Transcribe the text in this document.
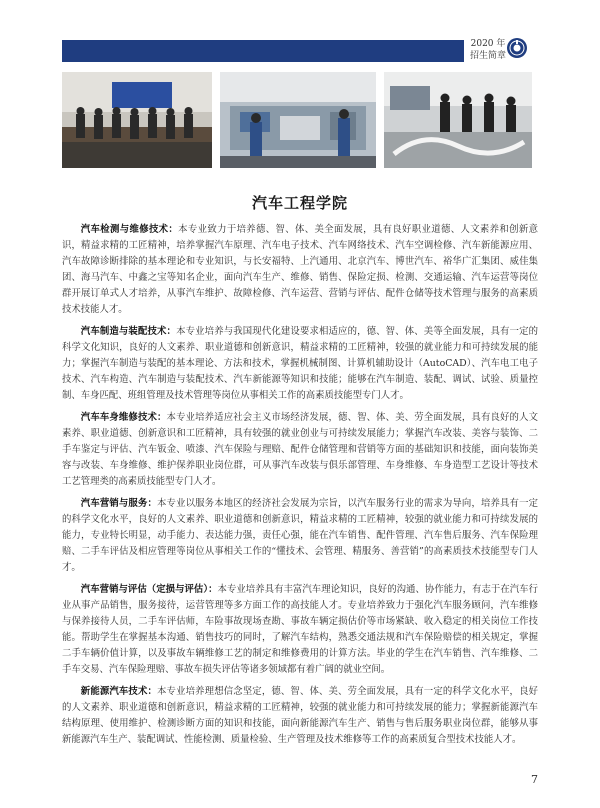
2020 年
招生简章
汽车工程学院

汽车检测与维修技术：本专业致力于培养德、智、体、美全面发展，具有良好职业道德、人文素养和创新意识，精益求精的工匠精神，培养掌握汽车原理、汽车电子技术、汽车网络技术、汽车空调检修、汽车新能源应用、汽车故障诊断排除的基本理论和专业知识，与长安福特、上汽通用、北京汽车、博世汽车、裕华广汇集团、威佳集团、海马汽车、中鑫之宝等知名企业，面向汽车生产、维修、销售、保险定损、检测、交通运输、汽车运营等岗位群开展订单式人才培养，从事汽车维护、故障检修、汽车运营、营销与评估、配件仓储等技术管理与服务的高素质技术技能人才。

汽车制造与装配技术：本专业培养与我国现代化建设要求相适应的，德、智、体、美等全面发展，具有一定的科学文化知识，良好的人文素养、职业道德和创新意识，精益求精的工匠精神，较强的就业能力和可持续发展的能力；掌握汽车制造与装配的基本理论、方法和技术，掌握机械制图、计算机辅助设计（AutoCAD）、汽车电工电子技术、汽车构造、汽车制造与装配技术、汽车新能源等知识和技能；能够在汽车制造、装配、调试、试验、质量控制、车身匹配、班组管理及技术管理等岗位从事相关工作的高素质技能型专门人才。

汽车车身维修技术：本专业培养适应社会主义市场经济发展，德、智、体、美、劳全面发展，具有良好的人文素养、职业道德、创新意识和工匠精神，具有较强的就业创业与可持续发展能力；掌握汽车改装、美容与装饰、二手车鉴定与评估、汽车钣金、喷漆、汽车保险与理赔、配件仓储管理和营销等方面的基础知识和技能，面向装饰美容与改装、车身维修、维护保养职业岗位群，可从事汽车改装与俱乐部管理、车身维修、车身造型工艺设计等技术工艺管理类的高素质技能型专门人才。

汽车营销与服务：本专业以服务本地区的经济社会发展为宗旨，以汽车服务行业的需求为导向，培养具有一定的科学文化水平，良好的人文素养、职业道德和创新意识，精益求精的工匠精神，较强的就业能力和可持续发展的能力，专业特长明显，动手能力、表达能力强，责任心强，能在汽车销售、配件管理、汽车售后服务、汽车保险理赔、二手车评估及相应管理等岗位从事相关工作的“懂技术、会管理、精服务、善营销”的高素质技术技能型专门人才。

汽车营销与评估（定损与评估）：本专业培养具有丰富汽车理论知识，良好的沟通、协作能力，有志于在汽车行业从事产品销售，服务接待，运营管理等多方面工作的高技能人才。专业培养致力于强化汽车服务顾问，汽车维修与保养接待人员，二手车评估师，车险事故现场查勘、事故车辆定损估价等市场紧缺、收入稳定的相关岗位工作技能。帮助学生在掌握基本沟通、销售技巧的同时，了解汽车结构，熟悉交通法规和汽车保险赔偿的相关规定，掌握二手车辆价值计算，以及事故车辆维修工艺的制定和维修费用的计算方法。毕业的学生在汽车销售、汽车维修、二手车交易、汽车保险理赔、事故车损失评估等诸多领域都有着广阔的就业空间。

新能源汽车技术：本专业培养理想信念坚定，德、智、体、美、劳全面发展，具有一定的科学文化水平，良好的人文素养、职业道德和创新意识，精益求精的工匠精神，较强的就业能力和可持续发展的能力；掌握新能源汽车结构原理、使用维护、检测诊断方面的知识和技能，面向新能源汽车生产、销售与售后服务职业岗位群，能够从事新能源汽车生产、装配调试、性能检测、质量检验、生产管理及技术维修等工作的高素质复合型技术技能人才。

7
